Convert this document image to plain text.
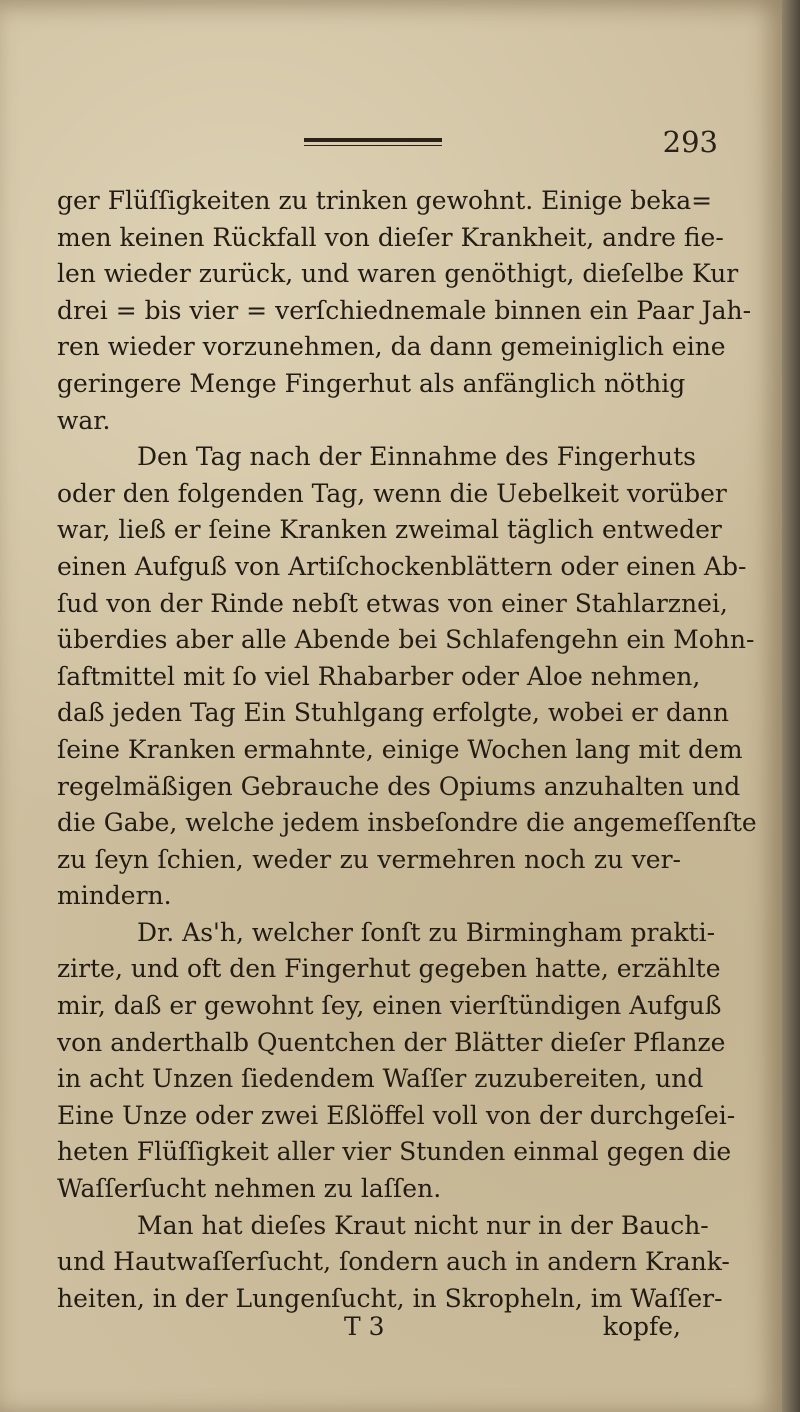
293
ger Flüſſigkeiten zu trinken gewohnt. Einige beka=
men keinen Rückfall von dieſer Krankheit, andre fie-
len wieder zurück, und waren genöthigt, dieſelbe Kur
drei = bis vier = verſchiednemale binnen ein Paar Jah-
ren wieder vorzunehmen, da dann gemeiniglich eine
geringere Menge Fingerhut als anfänglich nöthig
war.
Den Tag nach der Einnahme des Fingerhuts
oder den folgenden Tag, wenn die Uebelkeit vorüber
war, ließ er ſeine Kranken zweimal täglich entweder
einen Aufguß von Artiſchockenblättern oder einen Ab-
ſud von der Rinde nebſt etwas von einer Stahlarznei,
überdies aber alle Abende bei Schlafengehn ein Mohn-
ſaftmittel mit ſo viel Rhabarber oder Aloe nehmen,
daß jeden Tag Ein Stuhlgang erfolgte, wobei er dann
ſeine Kranken ermahnte, einige Wochen lang mit dem
regelmäßigen Gebrauche des Opiums anzuhalten und
die Gabe, welche jedem insbeſondre die angemeſſenſte
zu ſeyn ſchien, weder zu vermehren noch zu ver-
mindern.
Dr. As'h, welcher ſonſt zu Birmingham prakti-
zirte, und oft den Fingerhut gegeben hatte, erzählte
mir, daß er gewohnt ſey, einen vierſtündigen Aufguß
von anderthalb Quentchen der Blätter dieſer Pflanze
in acht Unzen ſiedendem Waſſer zuzubereiten, und
Eine Unze oder zwei Eßlöffel voll von der durchgeſei-
heten Flüſſigkeit aller vier Stunden einmal gegen die
Waſſerſucht nehmen zu laſſen.
Man hat dieſes Kraut nicht nur in der Bauch-
und Hautwaſſerſucht, ſondern auch in andern Krank-
heiten, in der Lungenſucht, in Skropheln, im Waſſer-
T 3	kopfe,
